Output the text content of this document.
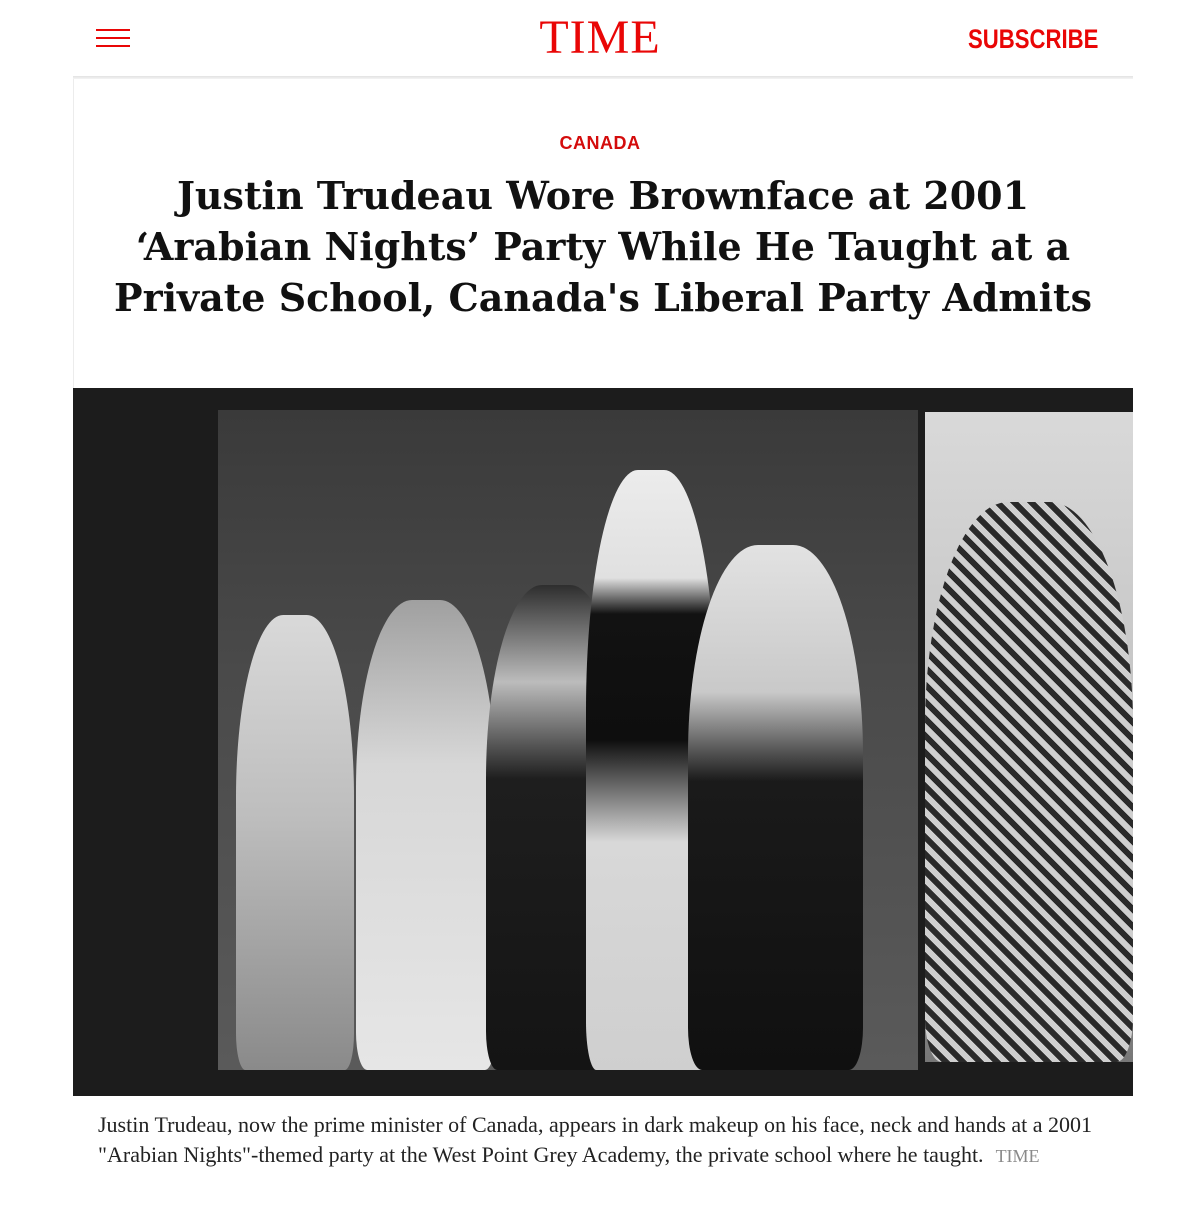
TIME	SUBSCRIBE
CANADA
Justin Trudeau Wore Brownface at 2001 ‘Arabian Nights’ Party While He Taught at a Private School, Canada's Liberal Party Admits

Justin Trudeau, now the prime minister of Canada, appears in dark makeup on his face, neck and hands at a 2001 "Arabian Nights"-themed party at the West Point Grey Academy, the private school where he taught. TIME
